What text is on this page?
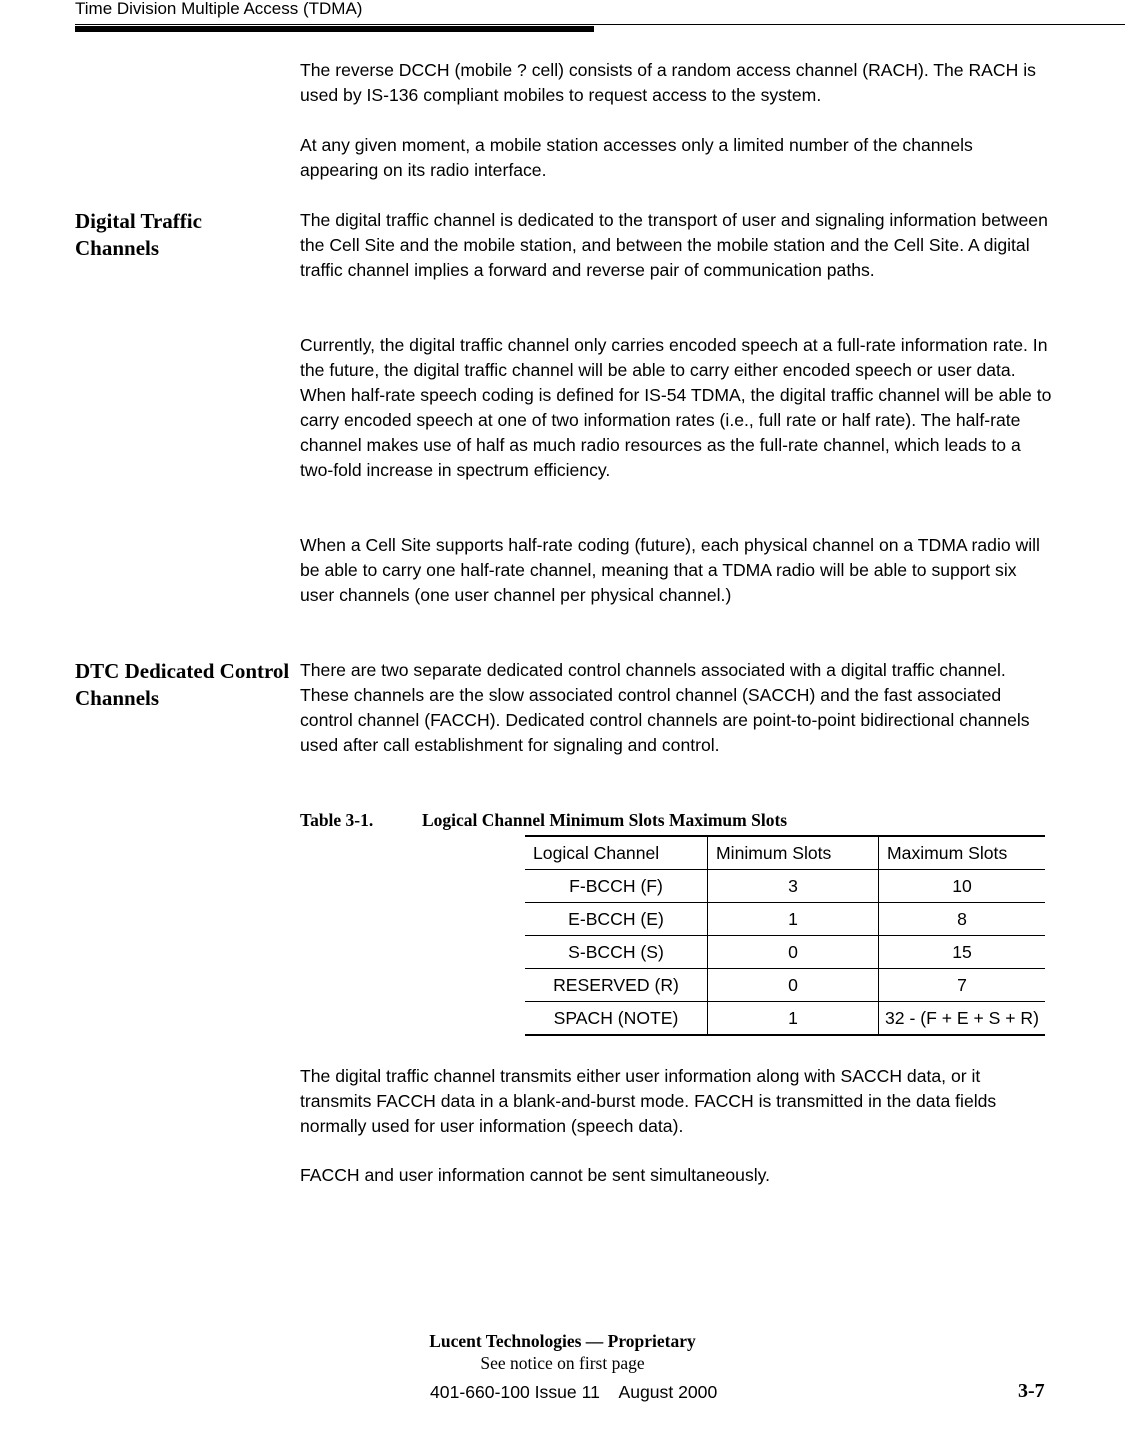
Time Division Multiple Access (TDMA)

The reverse DCCH (mobile ? cell) consists of a random access channel (RACH). The RACH is used by IS-136 compliant mobiles to request access to the system.

At any given moment, a mobile station accesses only a limited number of the channels appearing on its radio interface.

Digital Traffic Channels

The digital traffic channel is dedicated to the transport of user and signaling information between the Cell Site and the mobile station, and between the mobile station and the Cell Site. A digital traffic channel implies a forward and reverse pair of communication paths.

Currently, the digital traffic channel only carries encoded speech at a full-rate information rate. In the future, the digital traffic channel will be able to carry either encoded speech or user data. When half-rate speech coding is defined for IS-54 TDMA, the digital traffic channel will be able to carry encoded speech at one of two information rates (i.e., full rate or half rate). The half-rate channel makes use of half as much radio resources as the full-rate channel, which leads to a two-fold increase in spectrum efficiency.

When a Cell Site supports half-rate coding (future), each physical channel on a TDMA radio will be able to carry one half-rate channel, meaning that a TDMA radio will be able to support six user channels (one user channel per physical channel.)

DTC Dedicated Control Channels

There are two separate dedicated control channels associated with a digital traffic channel. These channels are the slow associated control channel (SACCH) and the fast associated control channel (FACCH). Dedicated control channels are point-to-point bidirectional channels used after call establishment for signaling and control.

Table 3-1.	Logical Channel Minimum Slots Maximum Slots
Logical Channel	Minimum Slots	Maximum Slots
F-BCCH (F)	3	10
E-BCCH (E)	1	8
S-BCCH (S)	0	15
RESERVED (R)	0	7
SPACH (NOTE)	1	32 - (F + E + S + R)

The digital traffic channel transmits either user information along with SACCH data, or it transmits FACCH data in a blank-and-burst mode. FACCH is transmitted in the data fields normally used for user information (speech data).

FACCH and user information cannot be sent simultaneously.

Lucent Technologies — Proprietary
See notice on first page
401-660-100 Issue 11    August 2000	3-7
